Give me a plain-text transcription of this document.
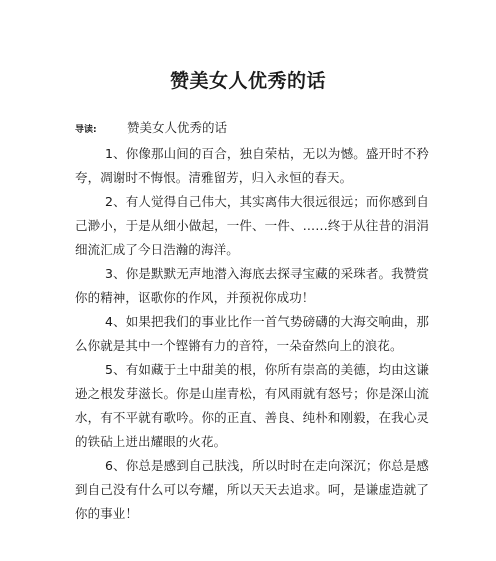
赞美女人优秀的话
导读: 赞美女人优秀的话

1、你像那山间的百合，独自荣枯，无以为憾。盛开时不矜夸，凋谢时不悔恨。清雅留芳，归入永恒的春天。

2、有人觉得自己伟大，其实离伟大很远很远；而你感到自己渺小，于是从细小做起，一件、一件、……终于从往昔的涓涓细流汇成了今日浩瀚的海洋。

3、你是默默无声地潜入海底去探寻宝藏的采珠者。我赞赏你的精神，讴歌你的作风，并预祝你成功！

4、如果把我们的事业比作一首气势磅礴的大海交响曲，那么你就是其中一个铿锵有力的音符，一朵奋然向上的浪花。

5、有如藏于土中甜美的根，你所有崇高的美德，均由这谦逊之根发芽滋长。你是山崖青松，有风雨就有怒号；你是深山流水，有不平就有歌吟。你的正直、善良、纯朴和刚毅，在我心灵的铁砧上迸出耀眼的火花。

6、你总是感到自己肤浅，所以时时在走向深沉；你总是感到自己没有什么可以夸耀，所以天天去追求。呵，是谦虚造就了你的事业！
